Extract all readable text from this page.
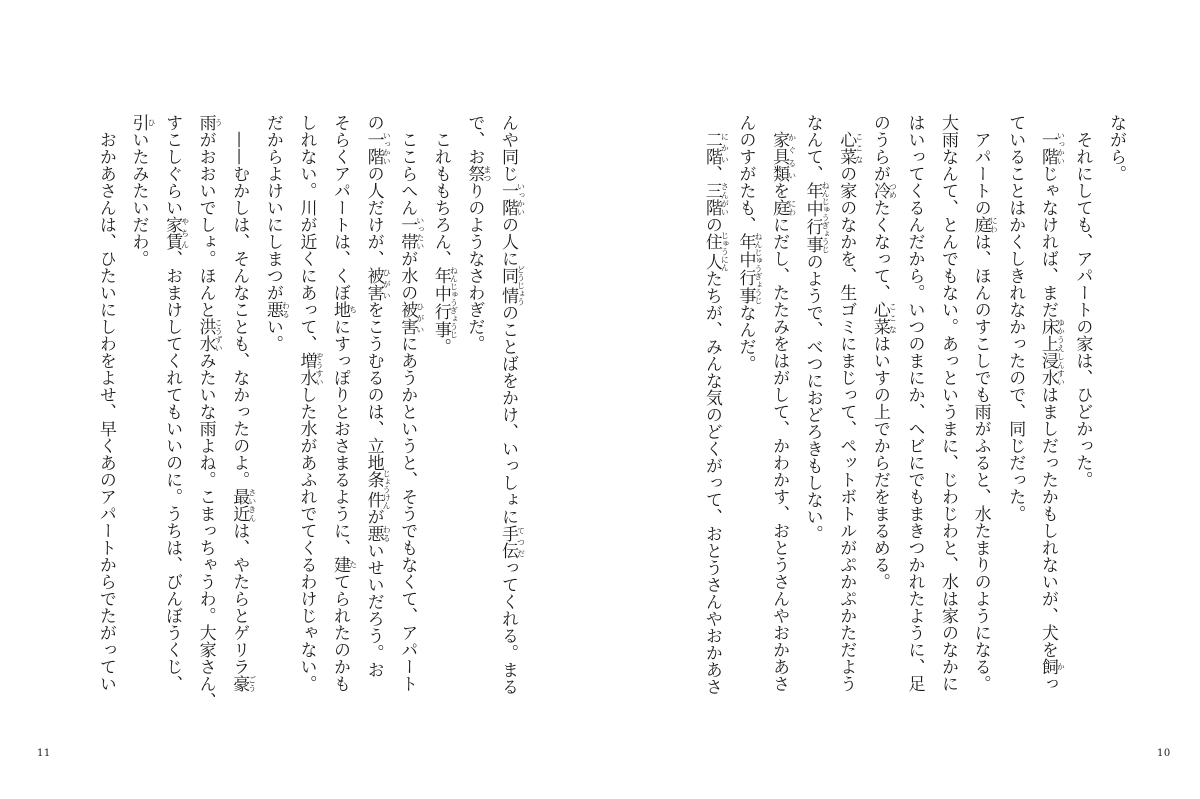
んや同じ一階いっかいの人に同情どうじょうのことばをかけ、いっしょに手伝てつだってくれる。まる
で、お祭まつりのようなさわぎだ。
これももちろん、年中行事ねんじゅうぎょうじ。
ここらへん一帯いったいが水の被害ひがいにあうかというと、そうでもなくて、アパート
の一階いっかいの人だけが、被害ひがいをこうむるのは、立地条件じょうけんが悪わるいせいだろう。お
そらくアパートは、くぼ地ちにすっぽりとおさまるように、建たてられたのかも
しれない。川が近くにあって、増水ぞうすいした水があふれでてくるわけじゃない。
だからよけいにしまつが悪わるい。
——むかしは、そんなことも、なかったのよ。最近さいきんは、やたらとゲリラ豪ごう
雨うがおおいでしょ。ほんと洪水こうずいみたいな雨よね。こまっちゃうわ。大家さん、
すこしぐらい家賃やちん、おまけしてくれてもいいのに。うちは、びんぼうくじ、
引ひいたみたいだわ。
おかあさんは、ひたいにしわをよせ、早くあのアパートからでたがってい
11
ながら。
それにしても、アパートの家は、ひどかった。
一階いっかいじゃなければ、まだ床上浸水ゆかうえしんすいはましだったかもしれないが、犬を飼かっ
ていることはかくしきれなかったので、同じだった。
アパートの庭にわは、ほんのすこしでも雨がふると、水たまりのようになる。
大雨なんて、とんでもない。あっというまに、じわじわと、水は家のなかに
はいってくるんだから。いつのまにか、ヘビにでもまきつかれたように、足
のうらが冷つめたくなって、心菜ここなはいすの上でからだをまるめる。
心菜ここなの家のなかを、生ゴミにまじって、ペットボトルがぷかぷかただよう
なんて、年中行事ねんじゅうぎょうじのようで、べつにおどろきもしない。
家具類かぐるいを庭にわにだし、たたみをはがして、かわかす、おとうさんやおかあさ
んのすがたも、年中行事ねんじゅうぎょうじなんだ。
二階にかい、三階さんがいの住人じゅうにんたちが、みんな気のどくがって、おとうさんやおかあさ
10
